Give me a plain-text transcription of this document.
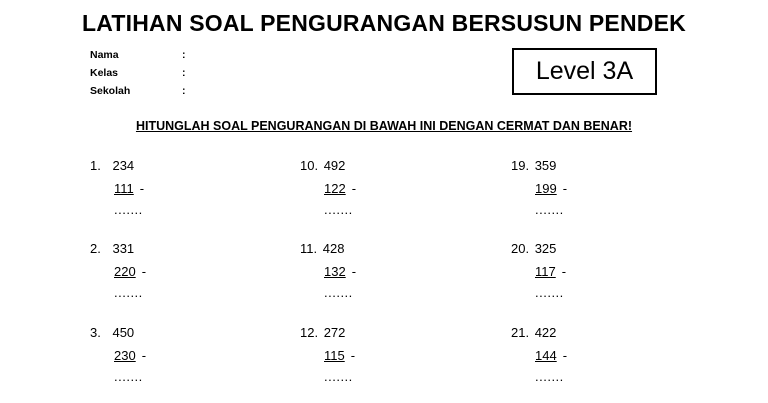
LATIHAN SOAL PENGURANGAN BERSUSUN PENDEK
Nama	:
Kelas	:
Sekolah	:
Level 3A
HITUNGLAH SOAL PENGURANGAN DI BAWAH INI DENGAN CERMAT DAN BENAR!
1. 234
111 -
.......
2. 331
220 -
.......
3. 450
230 -
.......
10. 492
122 -
.......
11. 428
132 -
.......
12. 272
115 -
.......
19. 359
199 -
.......
20. 325
117 -
.......
21. 422
144 -
.......
